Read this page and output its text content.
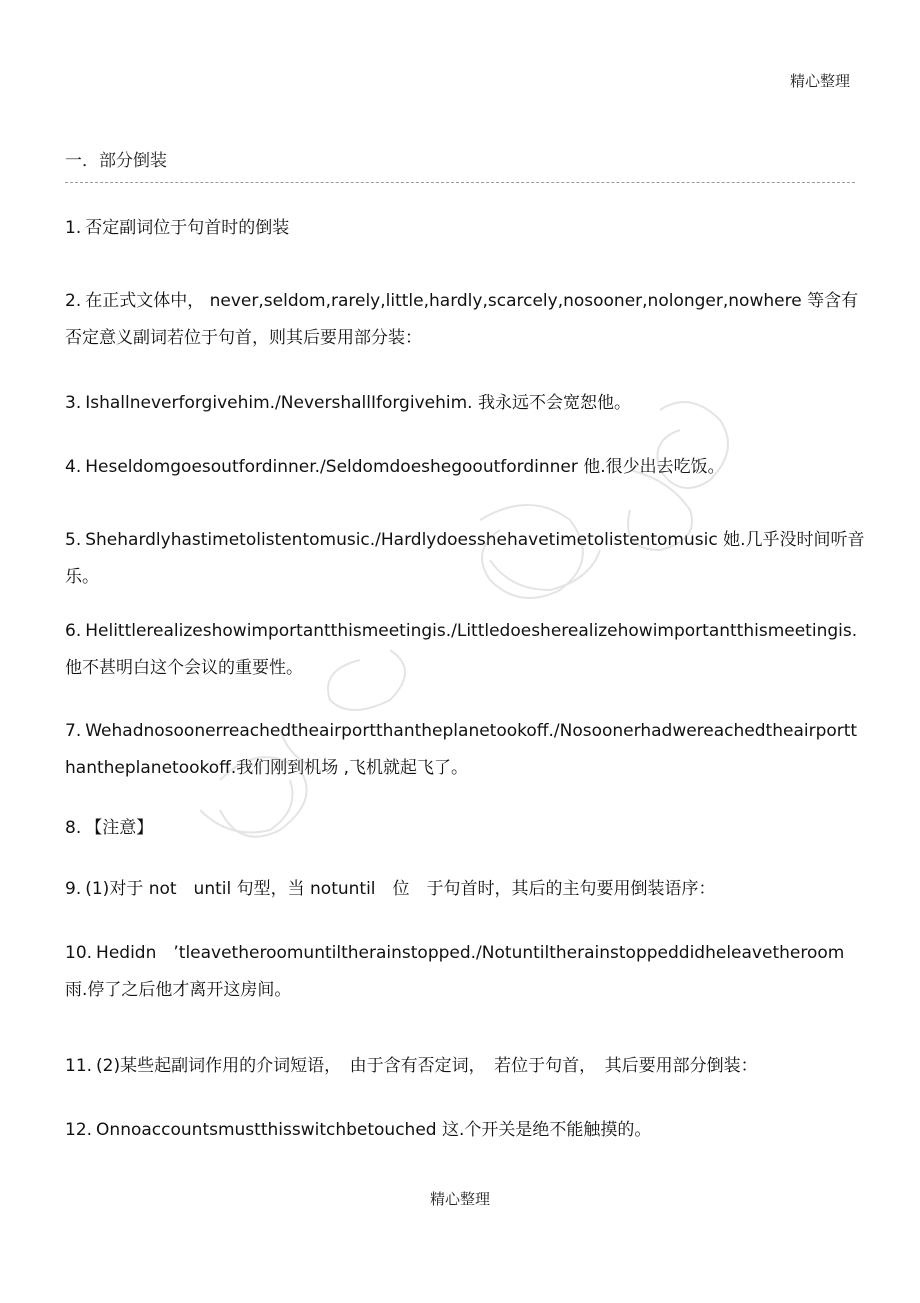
精心整理
一．部分倒装
1. 否定副词位于句首时的倒装
2. 在正式文体中， never,seldom,rarely,little,hardly,scarcely,nosooner,nolonger,nowhere 等含有否定意义副词若位于句首，则其后要用部分装：
3. Ishallneverforgivehim./NevershallIforgivehim. 我永远不会宽恕他。
4. Heseldomgoesoutfordinner./Seldomdoeshegooutfordinner 他.很少出去吃饭。
5. Shehardlyhastimetolistentomusic./Hardlydoesshehavetimetolistentomusic 她.几乎没时间听音乐。
6. Helittlerealizeshowimportantthismeetingis./Littledoesherealizehowimportantthismeetingis.他不甚明白这个会议的重要性。
7. Wehadnosoonerreachedtheairportthantheplanetookoff./Nosoonerhadwereachedtheairportthantheplanetookoff.我们刚到机场 ,飞机就起飞了。
8. 【注意】
9. (1)对于 not　until 句型，当 notuntil　位　于句首时，其后的主句要用倒装语序：
10. Hedidn　’tleavetheroomuntiltherainstopped./Notuntiltherainstoppeddidheleavetheroom 雨.停了之后他才离开这房间。
11. (2)某些起副词作用的介词短语，　由于含有否定词，　若位于句首，　其后要用部分倒装：
12. Onnoaccountsmustthisswitchbetouched 这.个开关是绝不能触摸的。
精心整理
